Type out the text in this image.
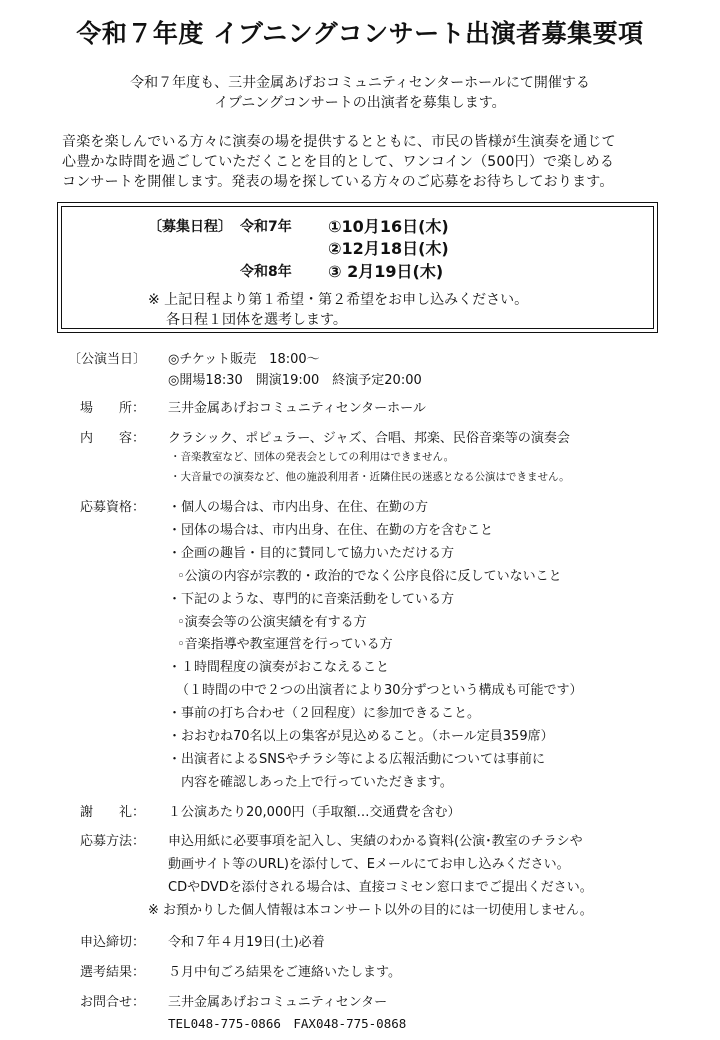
令和７年度 イブニングコンサート出演者募集要項
令和７年度も、三井金属あげおコミュニティセンターホールにて開催する
イブニングコンサートの出演者を募集します。
音楽を楽しんでいる方々に演奏の場を提供するとともに、市民の皆様が生演奏を通じて
心豊かな時間を過ごしていただくことを目的として、ワンコイン（500円）で楽しめる
コンサートを開催します。発表の場を探している方々のご応募をお待ちしております。
〔募集日程〕 令和7年 ①10月16日(木)
②12月18日(木)
令和8年 ③ 2月19日(木)
※ 上記日程より第１希望・第２希望をお申し込みください。
各日程１団体を選考します。
〔公演当日〕 ◎チケット販売　18:00～
◎開場18:30　開演19:00　終演予定20:00
場　　所： 三井金属あげおコミュニティセンターホール
内　　容： クラシック、ポピュラー、ジャズ、合唱、邦楽、民俗音楽等の演奏会
・音楽教室など、団体の発表会としての利用はできません。
・大音量での演奏など、他の施設利用者・近隣住民の迷惑となる公演はできません。
応募資格： ・個人の場合は、市内出身、在住、在勤の方
・団体の場合は、市内出身、在住、在勤の方を含むこと
・企画の趣旨・目的に賛同して協力いただける方
◦公演の内容が宗教的・政治的でなく公序良俗に反していないこと
・下記のような、専門的に音楽活動をしている方
◦演奏会等の公演実績を有する方
◦音楽指導や教室運営を行っている方
・１時間程度の演奏がおこなえること
（１時間の中で２つの出演者により30分ずつという構成も可能です）
・事前の打ち合わせ（２回程度）に参加できること。
・おおむね70名以上の集客が見込めること。（ホール定員359席）
・出演者によるSNSやチラシ等による広報活動については事前に
内容を確認しあった上で行っていただきます。
謝　　礼： １公演あたり20,000円（手取額…交通費を含む）
応募方法： 申込用紙に必要事項を記入し、実績のわかる資料(公演･教室のチラシや
動画サイト等のURL)を添付して、Eメールにてお申し込みください。
CDやDVDを添付される場合は、直接コミセン窓口までご提出ください。
※ お預かりした個人情報は本コンサート以外の目的には一切使用しません。
申込締切： 令和７年４月19日(土)必着
選考結果： ５月中旬ごろ結果をご連絡いたします。
お問合せ： 三井金属あげおコミュニティセンター
TEL048-775-0866　FAX048-775-0868
